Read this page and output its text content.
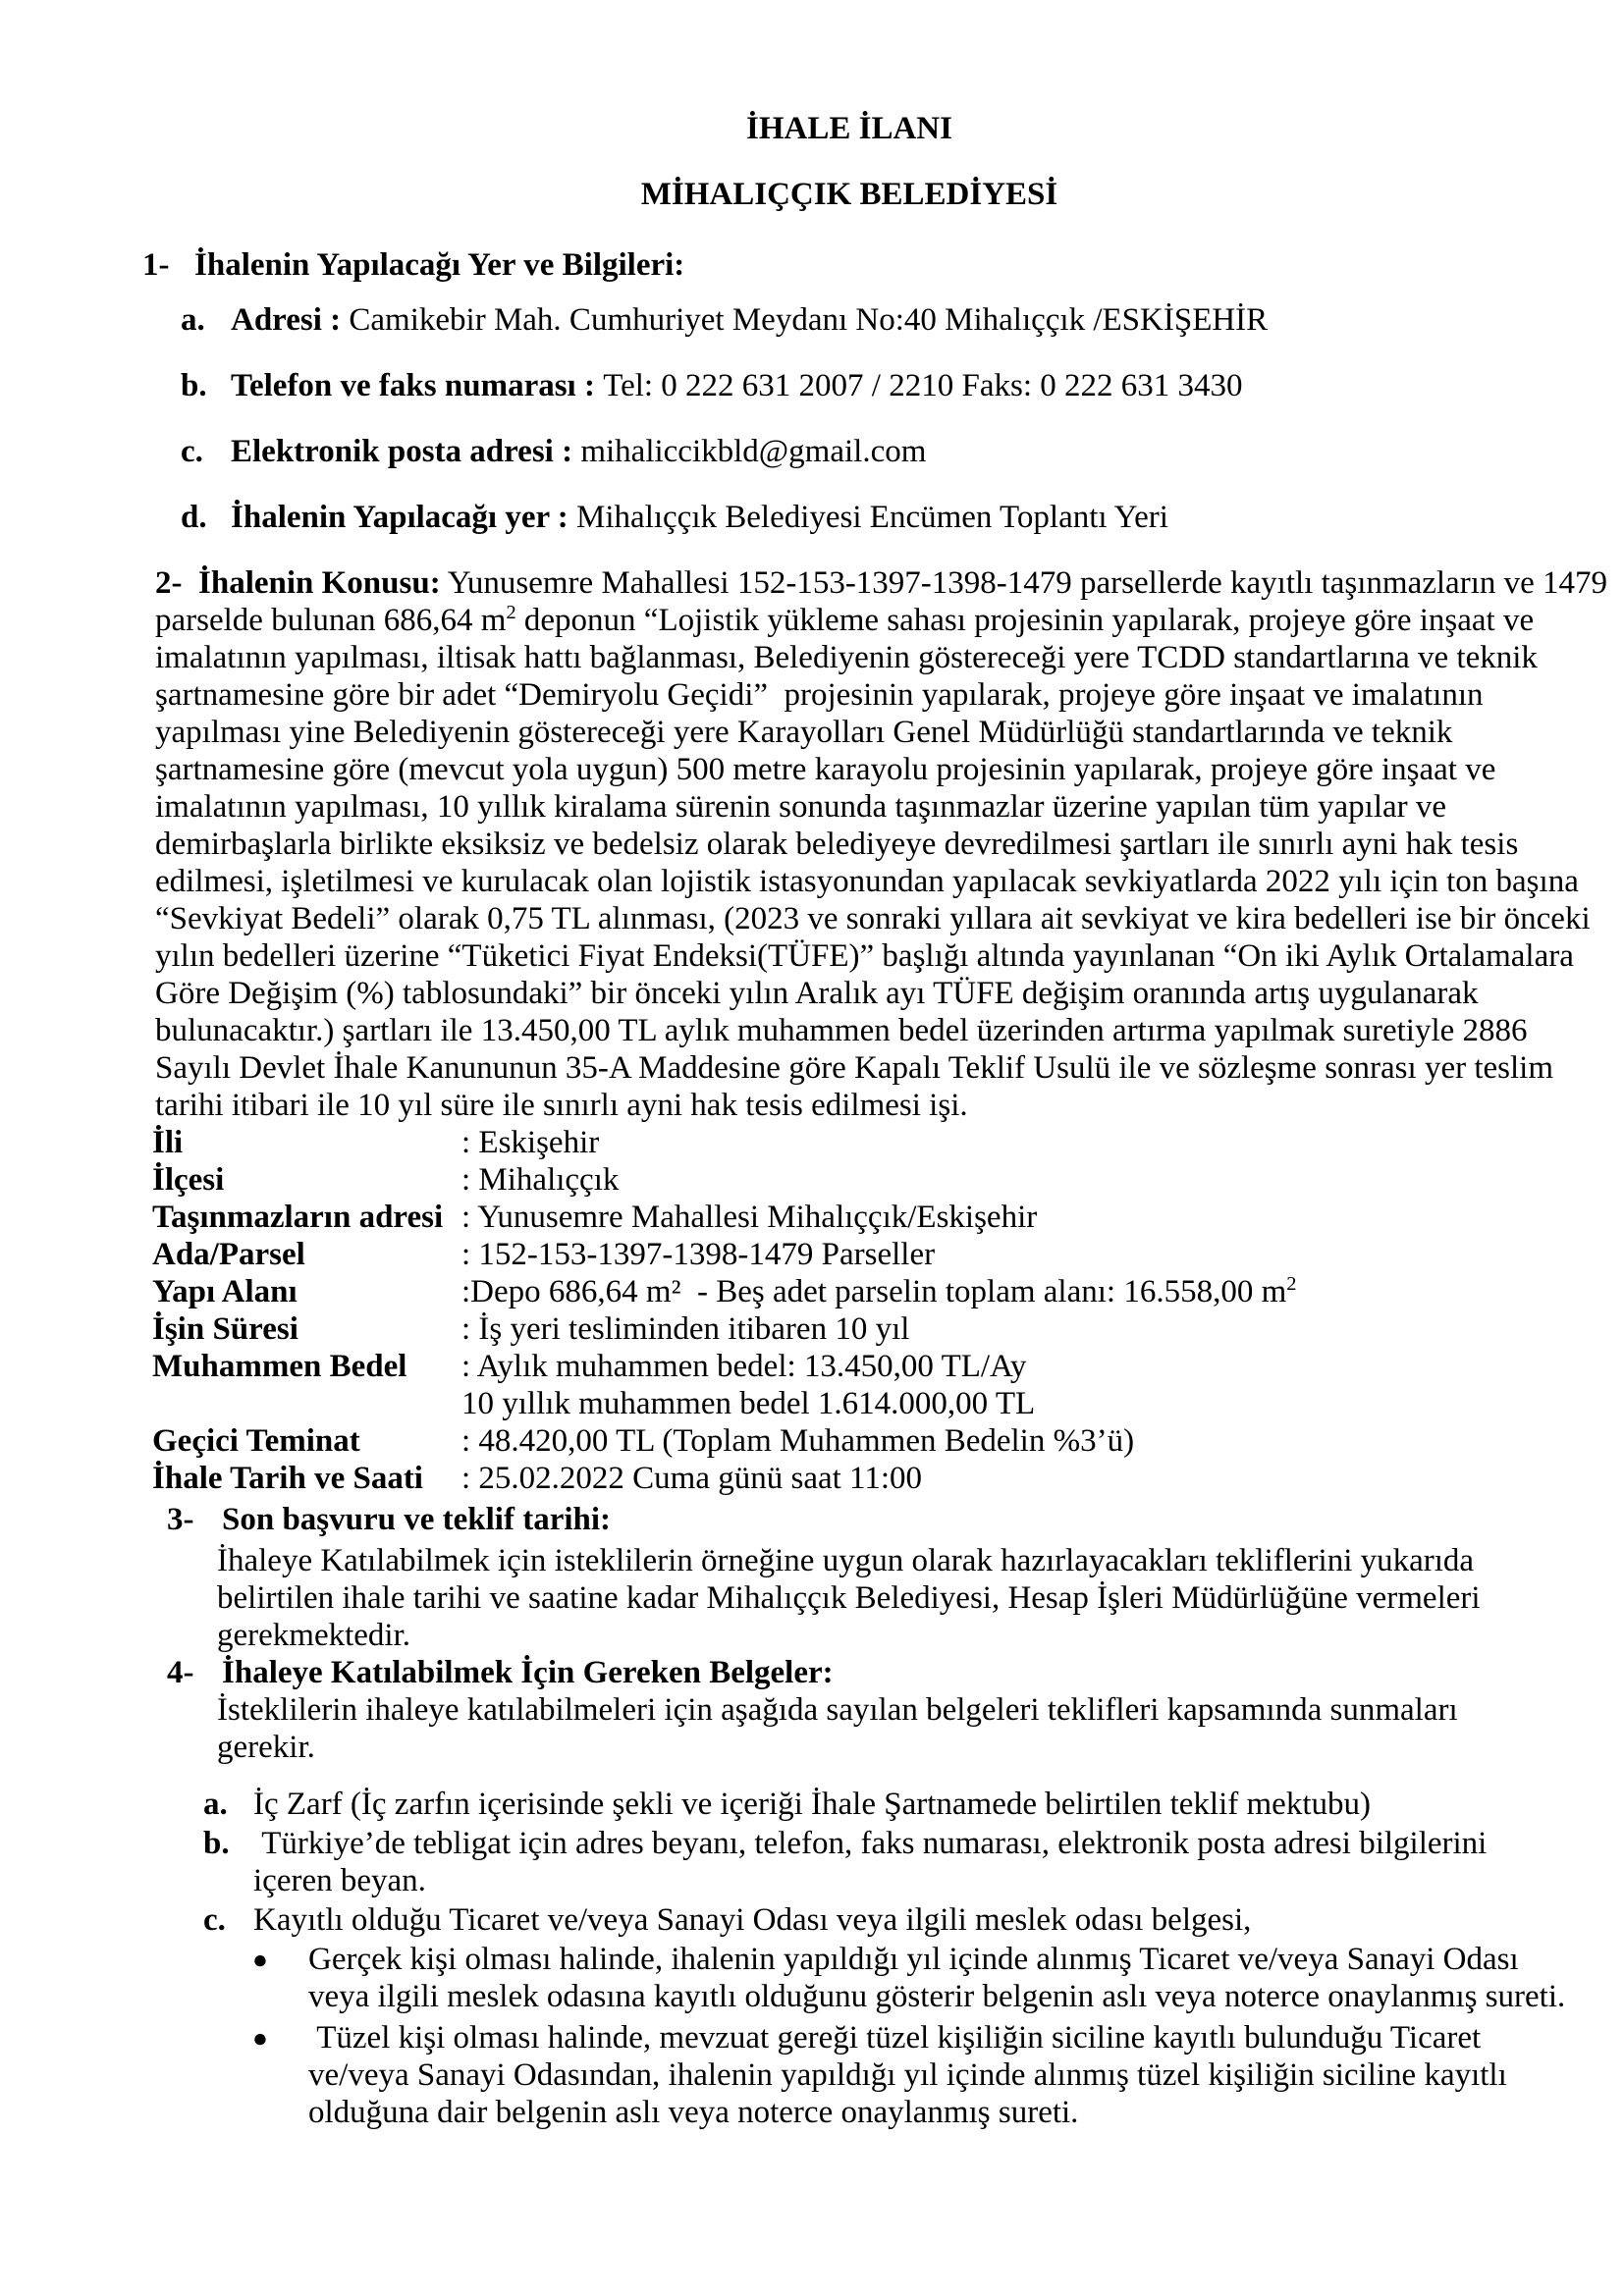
İHALE İLANI
MİHALIÇÇIK BELEDİYESİ
1- İhalenin Yapılacağı Yer ve Bilgileri:
a. Adresi : Camikebir Mah. Cumhuriyet Meydanı No:40 Mihalıççık /ESKİŞEHİR
b. Telefon ve faks numarası : Tel: 0 222 631 2007 / 2210 Faks: 0 222 631 3430
c. Elektronik posta adresi : mihaliccikbld@gmail.com
d. İhalenin Yapılacağı yer : Mihalıççık Belediyesi Encümen Toplantı Yeri
2- İhalenin Konusu: Yunusemre Mahallesi 152-153-1397-1398-1479 parsellerde kayıtlı taşınmazların ve 1479 parselde bulunan 686,64 $m^2$ deponun “Lojistik yükleme sahası projesinin yapılarak, projeye göre inşaat ve imalatının yapılması, iltisak hattı bağlanması, Belediyenin göstereceği yere TCDD standartlarına ve teknik şartnamesine göre bir adet “Demiryolu Geçidi”  projesinin yapılarak, projeye göre inşaat ve imalatının yapılması yine Belediyenin göstereceği yere Karayolları Genel Müdürlüğü standartlarında ve teknik şartnamesine göre (mevcut yola uygun) 500 metre karayolu projesinin yapılarak, projeye göre inşaat ve imalatının yapılması, 10 yıllık kiralama sürenin sonunda taşınmazlar üzerine yapılan tüm yapılar ve demirbaşlarla birlikte eksiksiz ve bedelsiz olarak belediyeye devredilmesi şartları ile sınırlı ayni hak tesis edilmesi, işletilmesi ve kurulacak olan lojistik istasyonundan yapılacak sevkiyatlarda 2022 yılı için ton başına “Sevkiyat Bedeli” olarak 0,75 TL alınması, (2023 ve sonraki yıllara ait sevkiyat ve kira bedelleri ise bir önceki yılın bedelleri üzerine “Tüketici Fiyat Endeksi(TÜFE)” başlığı altında yayınlanan “On iki Aylık Ortalamalara Göre Değişim (%) tablosundaki” bir önceki yılın Aralık ayı TÜFE değişim oranında artış uygulanarak bulunacaktır.) şartları ile 13.450,00 TL aylık muhammen bedel üzerinden artırma yapılmak suretiyle 2886 Sayılı Devlet İhale Kanununun 35-A Maddesine göre Kapalı Teklif Usulü ile ve sözleşme sonrası yer teslim tarihi itibari ile 10 yıl süre ile sınırlı ayni hak tesis edilmesi işi.
İli	: Eskişehir
İlçesi	: Mihalıççık
Taşınmazların adresi : Yunusemre Mahallesi Mihalıççık/Eskişehir
Ada/Parsel	: 152-153-1397-1398-1479 Parseller
Yapı Alanı	:Depo 686,64 m²  - Beş adet parselin toplam alanı: 16.558,00 $m^2$
İşin Süresi	: İş yeri tesliminden itibaren 10 yıl
Muhammen Bedel	: Aylık muhammen bedel: 13.450,00 TL/Ay
10 yıllık muhammen bedel 1.614.000,00 TL
Geçici Teminat	: 48.420,00 TL (Toplam Muhammen Bedelin %3’ü)
İhale Tarih ve Saati	: 25.02.2022 Cuma günü saat 11:00
3- Son başvuru ve teklif tarihi:
İhaleye Katılabilmek için isteklilerin örneğine uygun olarak hazırlayacakları tekliflerini yukarıda belirtilen ihale tarihi ve saatine kadar Mihalıççık Belediyesi, Hesap İşleri Müdürlüğüne vermeleri gerekmektedir.
4- İhaleye Katılabilmek İçin Gereken Belgeler:
İsteklilerin ihaleye katılabilmeleri için aşağıda sayılan belgeleri teklifleri kapsamında sunmaları gerekir.
a. İç Zarf (İç zarfın içerisinde şekli ve içeriği İhale Şartnamede belirtilen teklif mektubu)
b. Türkiye’de tebligat için adres beyanı, telefon, faks numarası, elektronik posta adresi bilgilerini içeren beyan.
c. Kayıtlı olduğu Ticaret ve/veya Sanayi Odası veya ilgili meslek odası belgesi,
●	Gerçek kişi olması halinde, ihalenin yapıldığı yıl içinde alınmış Ticaret ve/veya Sanayi Odası veya ilgili meslek odasına kayıtlı olduğunu gösterir belgenin aslı veya noterce onaylanmış sureti.
●	Tüzel kişi olması halinde, mevzuat gereği tüzel kişiliğin siciline kayıtlı bulunduğu Ticaret ve/veya Sanayi Odasından, ihalenin yapıldığı yıl içinde alınmış tüzel kişiliğin siciline kayıtlı olduğuna dair belgenin aslı veya noterce onaylanmış sureti.
